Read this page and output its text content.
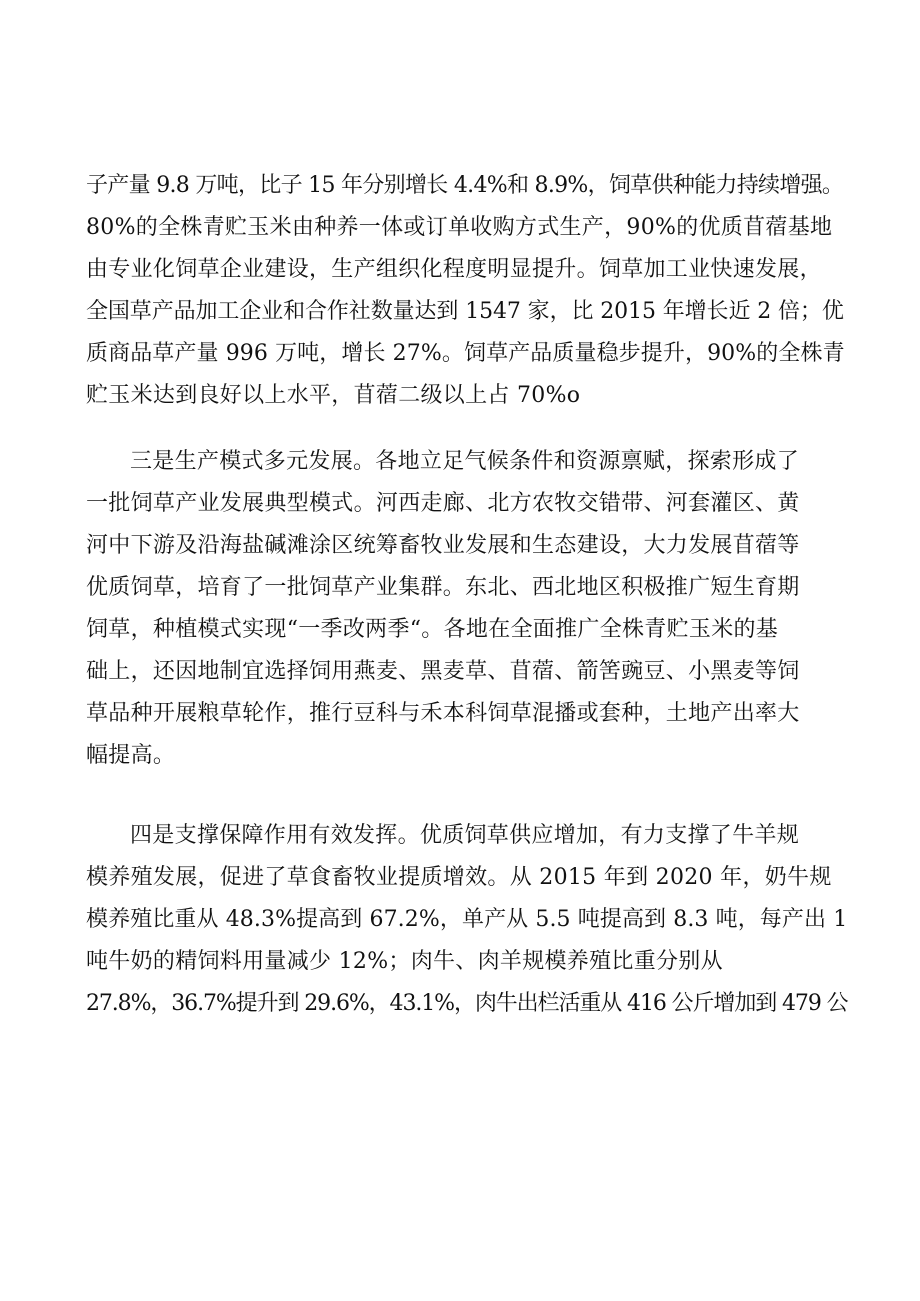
子产量 9.8 万吨，比子 15 年分别增长 4.4%和 8.9%，饲草供种能力持续增强。
80%的全株青贮玉米由种养一体或订单收购方式生产，90%的优质苜蓿基地
由专业化饲草企业建设，生产组织化程度明显提升。饲草加工业快速发展，
全国草产品加工企业和合作社数量达到 1547 家，比 2015 年增长近 2 倍；优
质商品草产量 996 万吨，增长 27%。饲草产品质量稳步提升，90%的全株青
贮玉米达到良好以上水平，苜蓿二级以上占 70%o
三是生产模式多元发展。各地立足气候条件和资源禀赋，探索形成了
一批饲草产业发展典型模式。河西走廊、北方农牧交错带、河套灌区、黄
河中下游及沿海盐碱滩涂区统筹畜牧业发展和生态建设，大力发展苜蓿等
优质饲草，培育了一批饲草产业集群。东北、西北地区积极推广短生育期
饲草，种植模式实现“一季改两季“。各地在全面推广全株青贮玉米的基
础上，还因地制宜选择饲用燕麦、黑麦草、苜蓿、箭筈豌豆、小黑麦等饲
草品种开展粮草轮作，推行豆科与禾本科饲草混播或套种，土地产出率大
幅提高。
四是支撑保障作用有效发挥。优质饲草供应增加，有力支撑了牛羊规
模养殖发展，促进了草食畜牧业提质增效。从 2015 年到 2020 年，奶牛规
模养殖比重从 48.3%提高到 67.2%，单产从 5.5 吨提高到 8.3 吨，每产出 1
吨牛奶的精饲料用量减少 12%；肉牛、肉羊规模养殖比重分别从
27.8%，36.7%提升到 29.6%，43.1%，肉牛出栏活重从 416 公斤增加到 479 公
